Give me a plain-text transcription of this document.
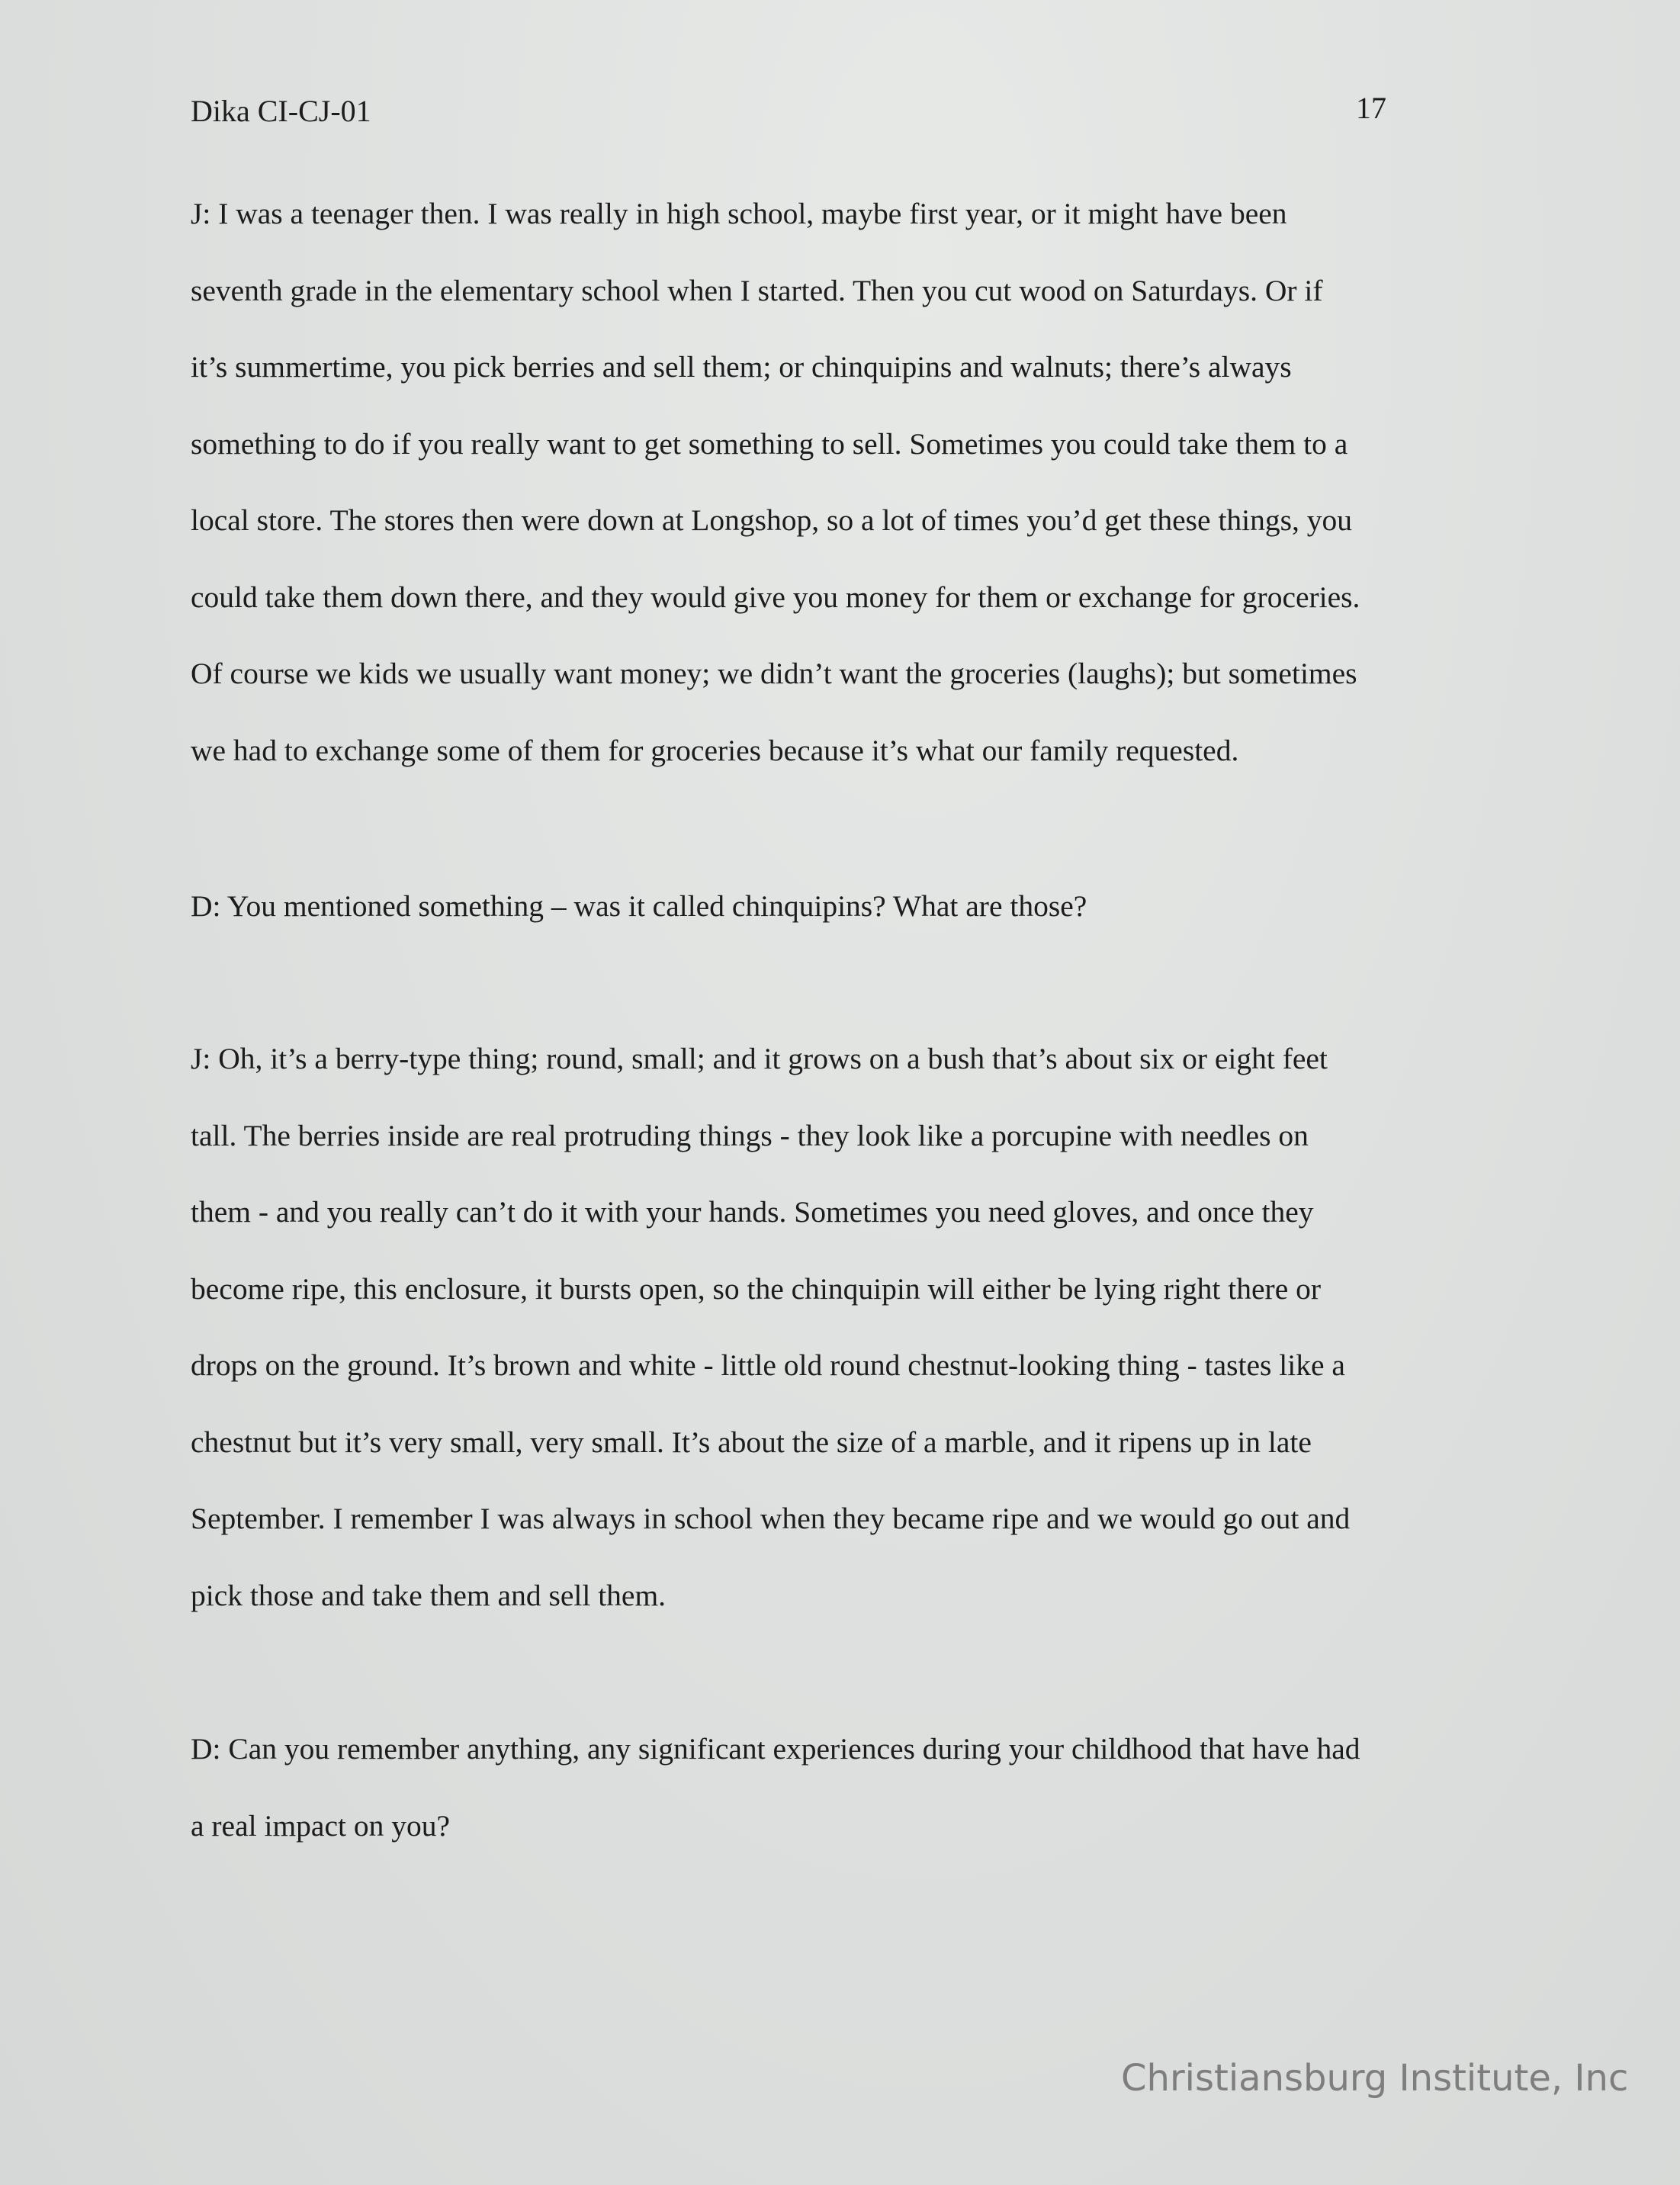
Dika CI-CJ-01	17

J: I was a teenager then. I was really in high school, maybe first year, or it might have been
seventh grade in the elementary school when I started. Then you cut wood on Saturdays. Or if
it’s summertime, you pick berries and sell them; or chinquipins and walnuts; there’s always
something to do if you really want to get something to sell. Sometimes you could take them to a
local store. The stores then were down at Longshop, so a lot of times you’d get these things, you
could take them down there, and they would give you money for them or exchange for groceries.
Of course we kids we usually want money; we didn’t want the groceries (laughs); but sometimes
we had to exchange some of them for groceries because it’s what our family requested.

D: You mentioned something – was it called chinquipins? What are those?

J: Oh, it’s a berry-type thing; round, small; and it grows on a bush that’s about six or eight feet
tall. The berries inside are real protruding things - they look like a porcupine with needles on
them - and you really can’t do it with your hands. Sometimes you need gloves, and once they
become ripe, this enclosure, it bursts open, so the chinquipin will either be lying right there or
drops on the ground. It’s brown and white - little old round chestnut-looking thing - tastes like a
chestnut but it’s very small, very small. It’s about the size of a marble, and it ripens up in late
September. I remember I was always in school when they became ripe and we would go out and
pick those and take them and sell them.

D: Can you remember anything, any significant experiences during your childhood that have had
a real impact on you?

Christiansburg Institute, Inc
